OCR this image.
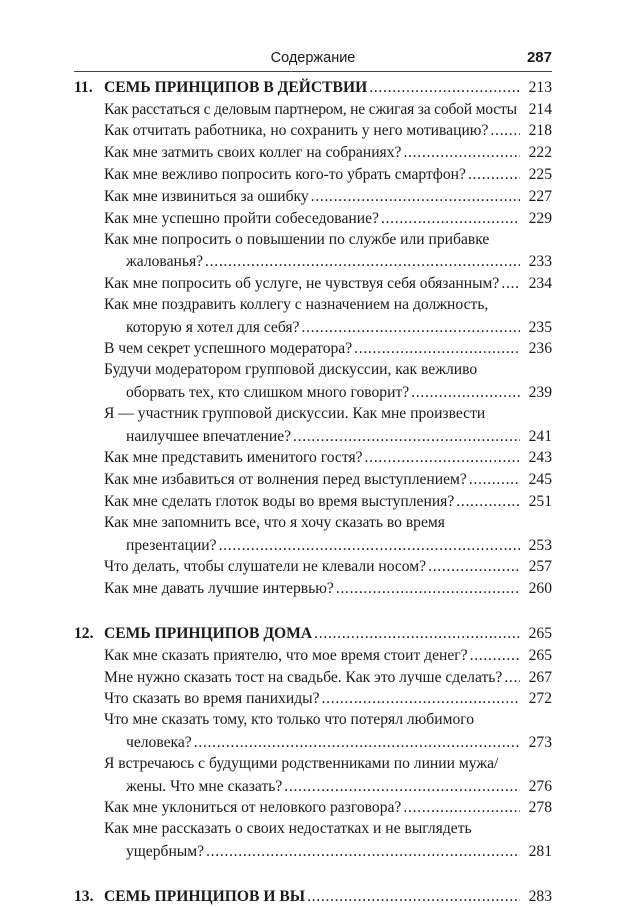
Содержание	287
11. СЕМЬ ПРИНЦИПОВ В ДЕЙСТВИИ . . .	213
Как расстаться с деловым партнером, не сжигая за собой мосты . . . 214
Как отчитать работника, но сохранить у него мотивацию? . . .	218
Как мне затмить своих коллег на собраниях? . . .	222
Как мне вежливо попросить кого-то убрать смартфон? . . .	225
Как мне извиниться за ошибку . . .	227
Как мне успешно пройти собеседование? . . .	229
Как мне попросить о повышении по службе или прибавке
жалованья? . . .	233
Как мне попросить об услуге, не чувствуя себя обязанным? . . .	234
Как мне поздравить коллегу с назначением на должность,
которую я хотел для себя? . . .	235
В чем секрет успешного модератора? . . .	236
Будучи модератором групповой дискуссии, как вежливо
оборвать тех, кто слишком много говорит? . . .	239
Я — участник групповой дискуссии. Как мне произвести
наилучшее впечатление? . . .	241
Как мне представить именитого гостя? . . .	243
Как мне избавиться от волнения перед выступлением? . . .	245
Как мне сделать глоток воды во время выступления? . . .	251
Как мне запомнить все, что я хочу сказать во время
презентации? . . .	253
Что делать, чтобы слушатели не клевали носом? . . .	257
Как мне давать лучшие интервью? . . .	260
12. СЕМЬ ПРИНЦИПОВ ДОМА . . .	265
Как мне сказать приятелю, что мое время стоит денег? . . .	265
Мне нужно сказать тост на свадьбе. Как это лучше сделать? . . .	267
Что сказать во время панихиды? . . .	272
Что мне сказать тому, кто только что потерял любимого
человека? . . .	273
Я встречаюсь с будущими родственниками по линии мужа/
жены. Что мне сказать? . . .	276
Как мне уклониться от неловкого разговора? . . .	278
Как мне рассказать о своих недостатках и не выглядеть
ущербным? . . .	281
13. СЕМЬ ПРИНЦИПОВ И ВЫ . . .	283
